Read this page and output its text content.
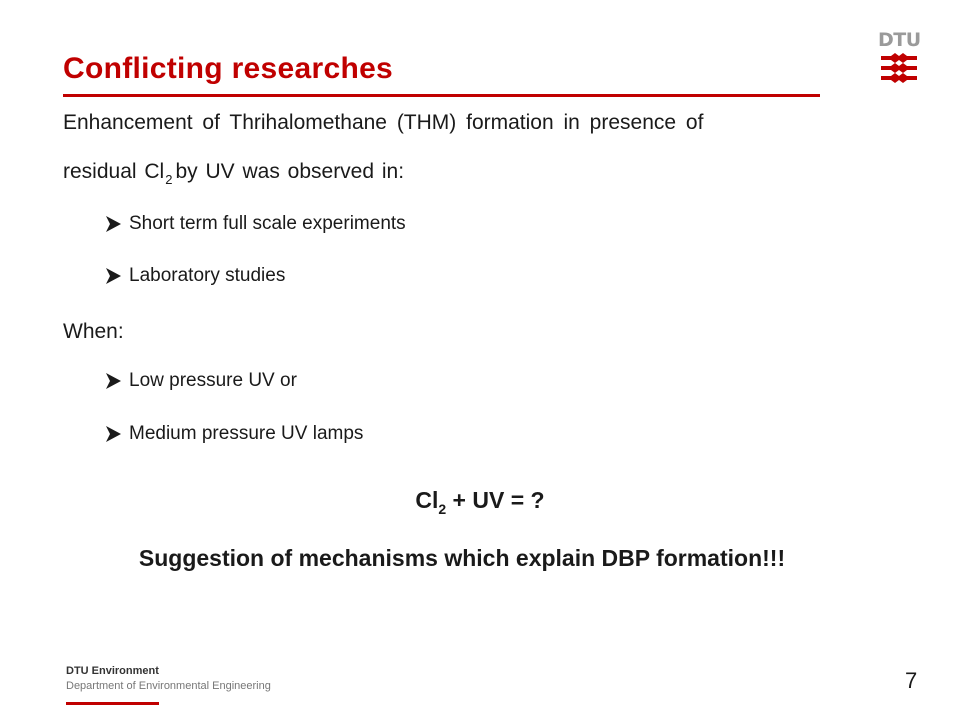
Conflicting researches
DTU
Enhancement of Thrihalomethane (THM) formation in presence of
residual $Cl_2$ by UV was observed in:
Short term full scale experiments
Laboratory studies
When:
Low pressure UV or
Medium pressure UV lamps
$Cl_2$ + UV = ?
Suggestion of mechanisms which explain DBP formation!!!
DTU Environment
Department of Environmental Engineering	7
